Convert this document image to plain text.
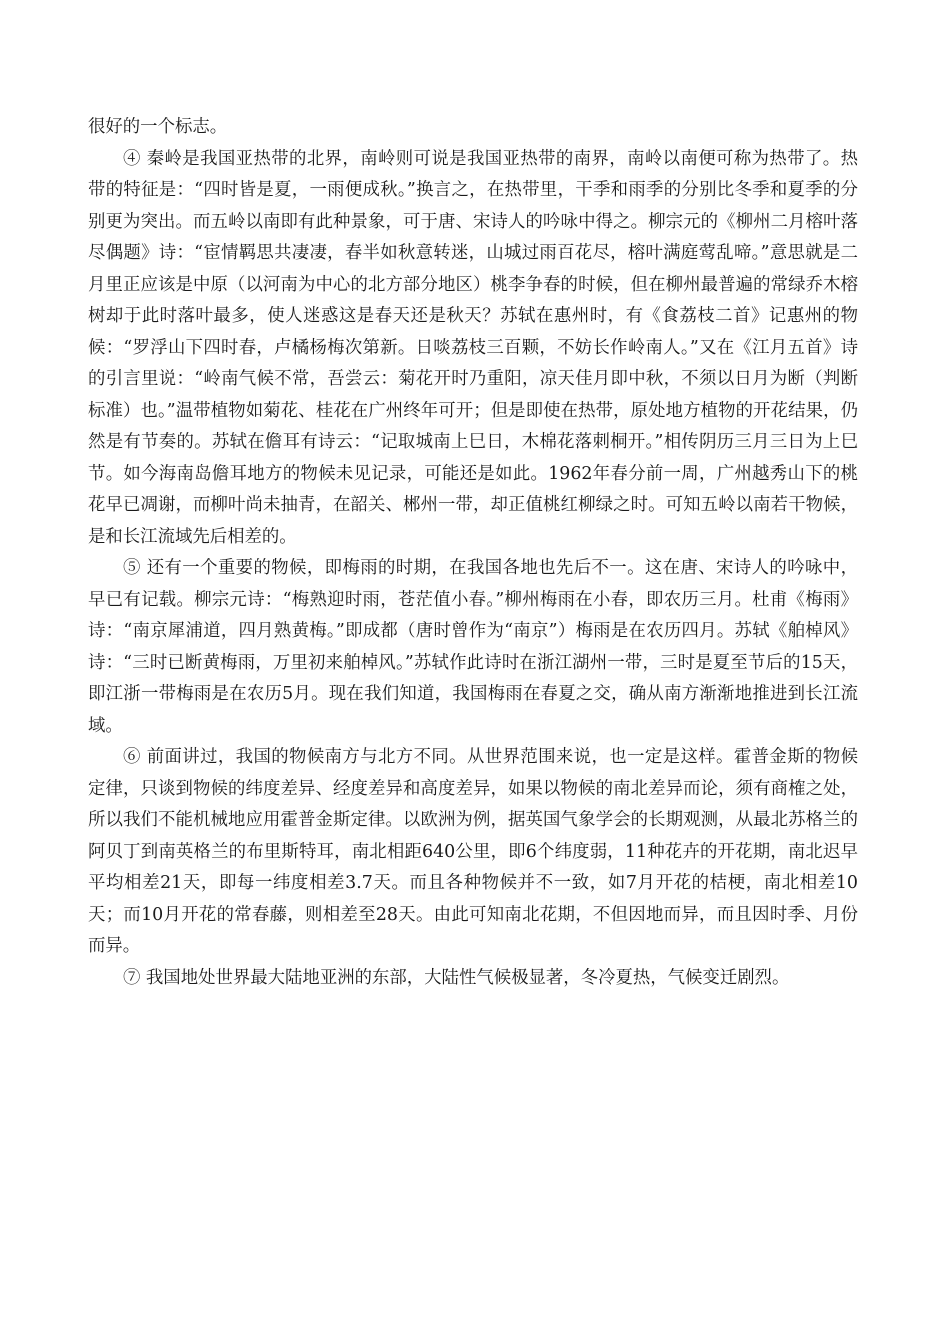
很好的一个标志。

④ 秦岭是我国亚热带的北界，南岭则可说是我国亚热带的南界，南岭以南便可称为热带了。热带的特征是：“四时皆是夏，一雨便成秋。”换言之，在热带里，干季和雨季的分别比冬季和夏季的分别更为突出。而五岭以南即有此种景象，可于唐、宋诗人的吟咏中得之。柳宗元的《柳州二月榕叶落尽偶题》诗：“宦情羁思共凄凄，春半如秋意转迷，山城过雨百花尽，榕叶满庭莺乱啼。”意思就是二月里正应该是中原（以河南为中心的北方部分地区）桃李争春的时候，但在柳州最普遍的常绿乔木榕树却于此时落叶最多，使人迷惑这是春天还是秋天？苏轼在惠州时，有《食荔枝二首》记惠州的物候：“罗浮山下四时春，卢橘杨梅次第新。日啖荔枝三百颗，不妨长作岭南人。”又在《江月五首》诗的引言里说：“岭南气候不常，吾尝云：菊花开时乃重阳，凉天佳月即中秋，不须以日月为断（判断标准）也。”温带植物如菊花、桂花在广州终年可开；但是即使在热带，原处地方植物的开花结果，仍然是有节奏的。苏轼在儋耳有诗云：“记取城南上巳日，木棉花落刺桐开。”相传阴历三月三日为上巳节。如今海南岛儋耳地方的物候未见记录，可能还是如此。1962年春分前一周，广州越秀山下的桃花早已凋谢，而柳叶尚未抽青，在韶关、郴州一带，却正值桃红柳绿之时。可知五岭以南若干物候，是和长江流域先后相差的。

⑤ 还有一个重要的物候，即梅雨的时期，在我国各地也先后不一。这在唐、宋诗人的吟咏中，早已有记载。柳宗元诗：“梅熟迎时雨，苍茫值小春。”柳州梅雨在小春，即农历三月。杜甫《梅雨》诗：“南京犀浦道，四月熟黄梅。”即成都（唐时曾作为“南京”）梅雨是在农历四月。苏轼《舶棹风》诗：“三时已断黄梅雨，万里初来舶棹风。”苏轼作此诗时在浙江湖州一带，三时是夏至节后的15天，即江浙一带梅雨是在农历5月。现在我们知道，我国梅雨在春夏之交，确从南方渐渐地推进到长江流域。

⑥ 前面讲过，我国的物候南方与北方不同。从世界范围来说，也一定是这样。霍普金斯的物候定律，只谈到物候的纬度差异、经度差异和高度差异，如果以物候的南北差异而论，须有商榷之处，所以我们不能机械地应用霍普金斯定律。以欧洲为例，据英国气象学会的长期观测，从最北苏格兰的阿贝丁到南英格兰的布里斯特耳，南北相距640公里，即6个纬度弱，11种花卉的开花期，南北迟早平均相差21天，即每一纬度相差3.7天。而且各种物候并不一致，如7月开花的桔梗，南北相差10天；而10月开花的常春藤，则相差至28天。由此可知南北花期，不但因地而异，而且因时季、月份而异。

⑦ 我国地处世界最大陆地亚洲的东部，大陆性气候极显著，冬冷夏热，气候变迁剧烈。
